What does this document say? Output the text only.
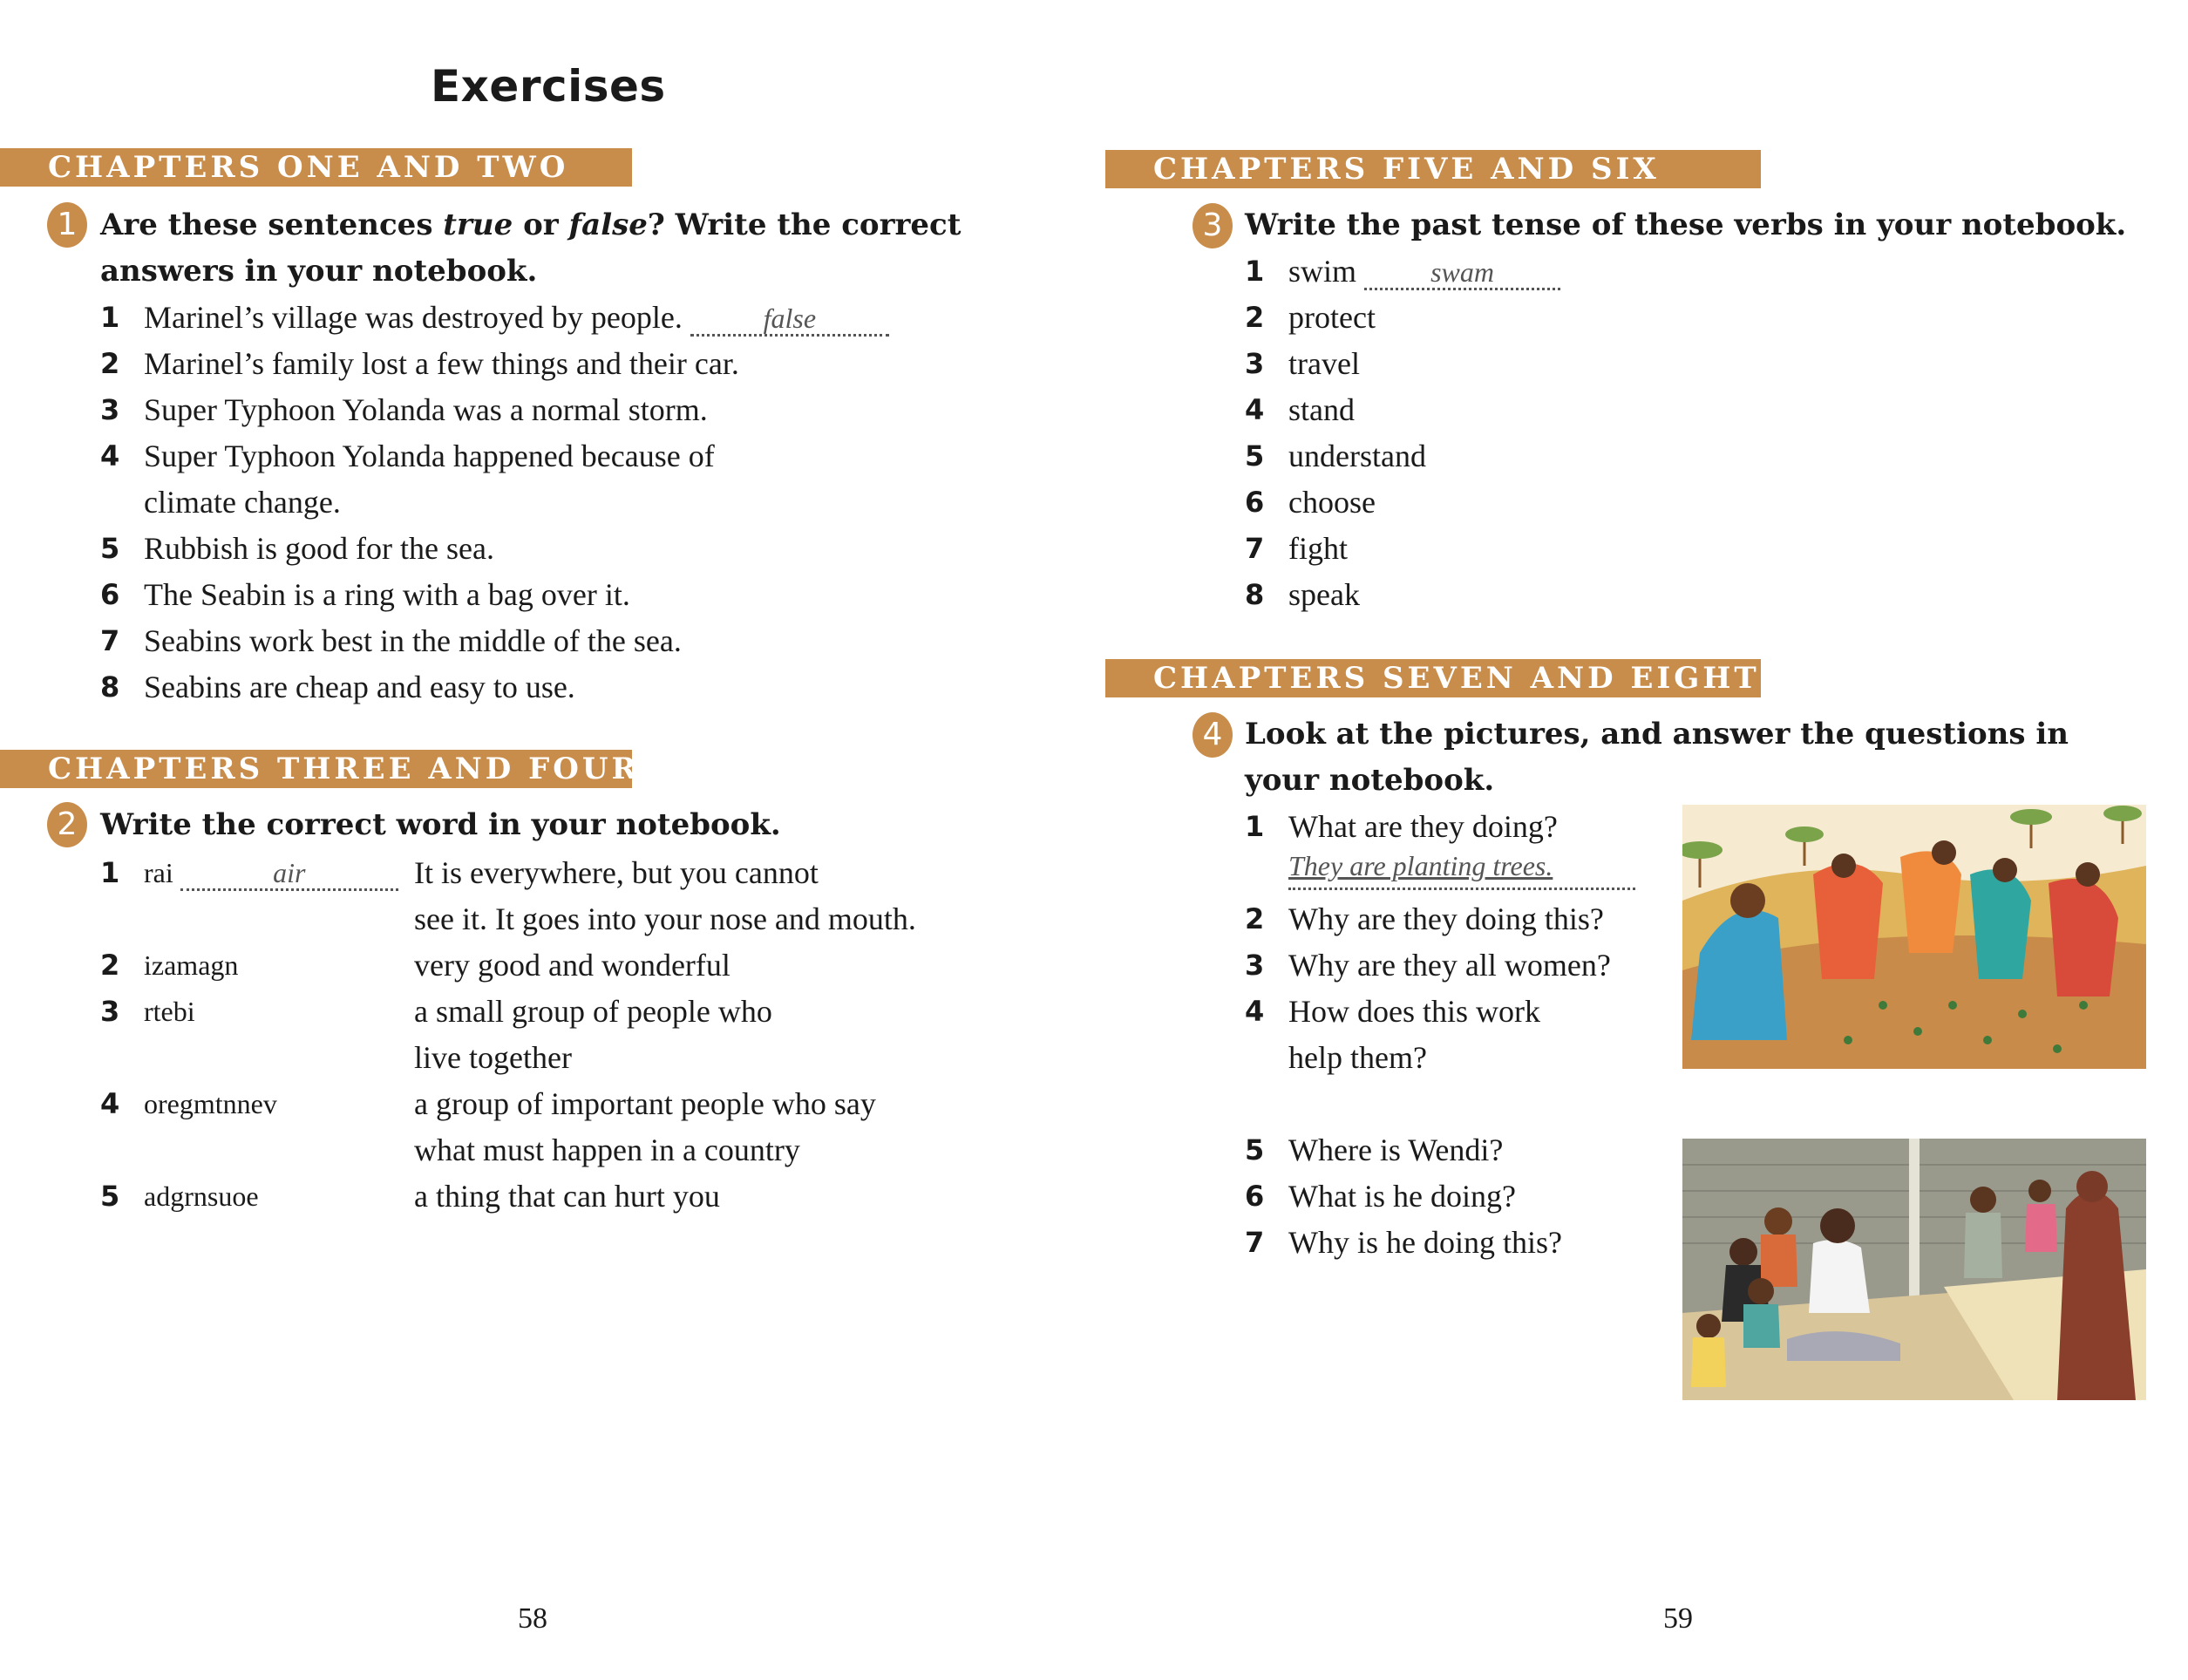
Exercises
CHAPTERS ONE AND TWO
1 Are these sentences true or false? Write the correct
answers in your notebook.
1 Marinel’s village was destroyed by people.	false
2 Marinel’s family lost a few things and their car.
3 Super Typhoon Yolanda was a normal storm.
4 Super Typhoon Yolanda happened because of
climate change.
5 Rubbish is good for the sea.
6 The Seabin is a ring with a bag over it.
7 Seabins work best in the middle of the sea.
8 Seabins are cheap and easy to use.
CHAPTERS THREE AND FOUR
2 Write the correct word in your notebook.
1 rai	air	It is everywhere, but you cannot
see it. It goes into your nose and mouth.
2 izamagn	very good and wonderful
3 rtebi	a small group of people who
live together
4 oregmtnnev	a group of important people who say
what must happen in a country
5 adgrnsuoe	a thing that can hurt you
58
CHAPTERS FIVE AND SIX
3 Write the past tense of these verbs in your notebook.
1 swim	swam
2 protect
3 travel
4 stand
5 understand
6 choose
7 fight
8 speak
CHAPTERS SEVEN AND EIGHT
4 Look at the pictures, and answer the questions in
your notebook.
1 What are they doing?
They are planting trees.
2 Why are they doing this?
3 Why are they all women?
4 How does this work
help them?
5 Where is Wendi?
6 What is he doing?
7 Why is he doing this?
59
